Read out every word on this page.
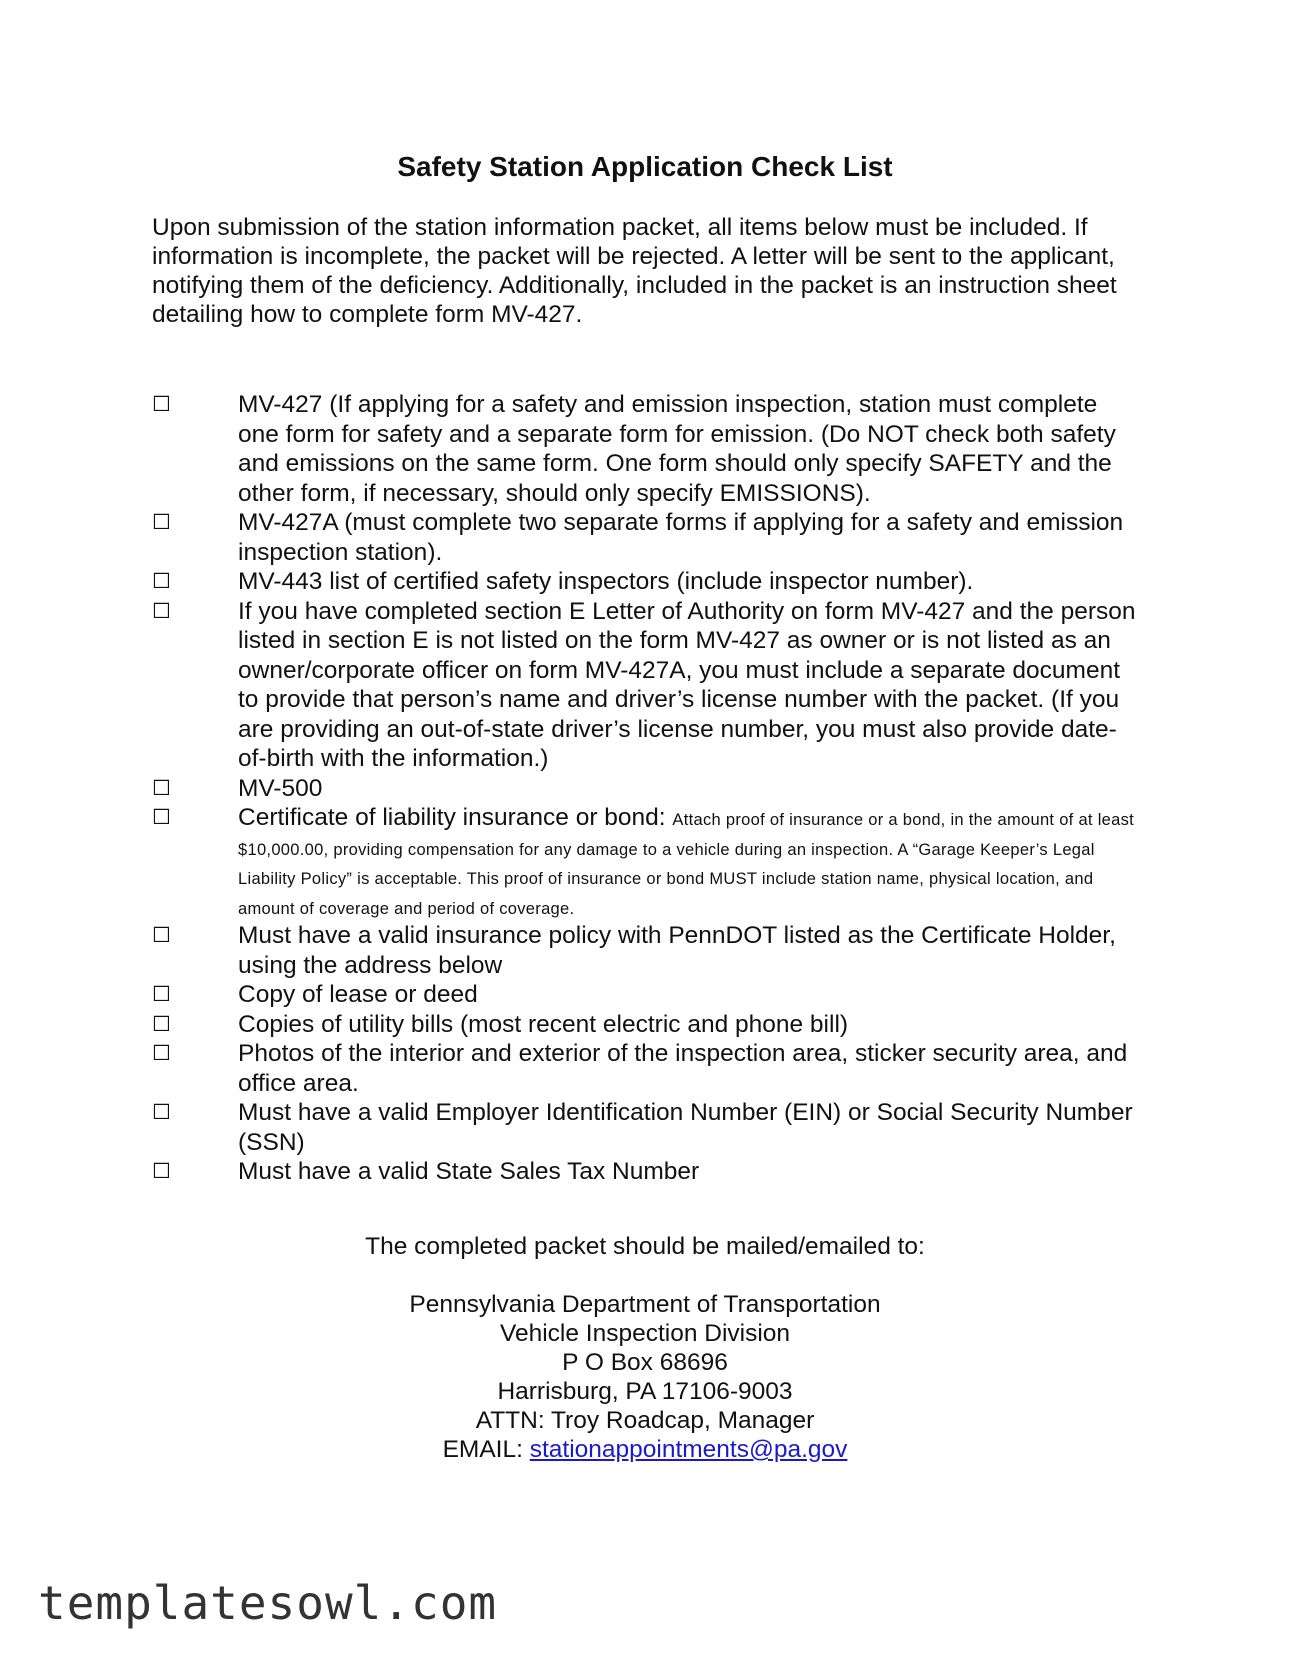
Safety Station Application Check List
Upon submission of the station information packet, all items below must be included. If information is incomplete, the packet will be rejected. A letter will be sent to the applicant, notifying them of the deficiency. Additionally, included in the packet is an instruction sheet detailing how to complete form MV-427.
☐	MV-427 (If applying for a safety and emission inspection, station must complete one form for safety and a separate form for emission. (Do NOT check both safety and emissions on the same form. One form should only specify SAFETY and the other form, if necessary, should only specify EMISSIONS).
☐	MV-427A (must complete two separate forms if applying for a safety and emission inspection station).
☐	MV-443 list of certified safety inspectors (include inspector number).
☐	If you have completed section E Letter of Authority on form MV-427 and the person listed in section E is not listed on the form MV-427 as owner or is not listed as an owner/corporate officer on form MV-427A, you must include a separate document to provide that person’s name and driver’s license number with the packet. (If you are providing an out-of-state driver’s license number, you must also provide date-of-birth with the information.)
☐	MV-500
☐	Certificate of liability insurance or bond: Attach proof of insurance or a bond, in the amount of at least $10,000.00, providing compensation for any damage to a vehicle during an inspection. A “Garage Keeper’s Legal Liability Policy” is acceptable. This proof of insurance or bond MUST include station name, physical location, and amount of coverage and period of coverage.
☐	Must have a valid insurance policy with PennDOT listed as the Certificate Holder, using the address below
☐	Copy of lease or deed
☐	Copies of utility bills (most recent electric and phone bill)
☐	Photos of the interior and exterior of the inspection area, sticker security area, and office area.
☐	Must have a valid Employer Identification Number (EIN) or Social Security Number (SSN)
☐	Must have a valid State Sales Tax Number
The completed packet should be mailed/emailed to:
Pennsylvania Department of Transportation
Vehicle Inspection Division
P O Box 68696
Harrisburg, PA 17106-9003
ATTN: Troy Roadcap, Manager
EMAIL: stationappointments@pa.gov
templatesowl.com
